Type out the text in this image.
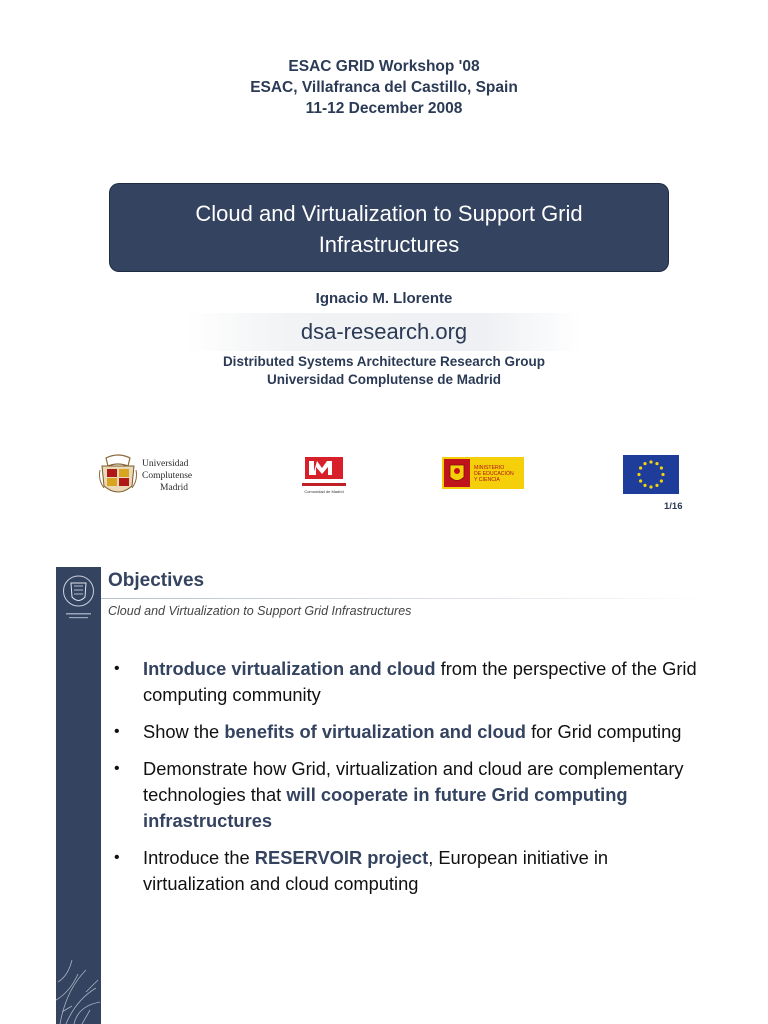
ESAC GRID Workshop '08
ESAC, Villafranca del Castillo, Spain
11-12 December 2008
Cloud and Virtualization to Support Grid
Infrastructures
Ignacio M. Llorente
dsa-research.org
Distributed Systems Architecture Research Group
Universidad Complutense de Madrid
Universidad
Complutense
Madrid	Comunidad de Madrid
MINISTERIO
DE EDUCACIÓN
Y CIENCIA
1/16
dsa-research.org
Objectives
Cloud and Virtualization to Support Grid Infrastructures
• Introduce virtualization and cloud from the perspective of the Grid computing community
• Show the benefits of virtualization and cloud for Grid computing
• Demonstrate how Grid, virtualization and cloud are complementary technologies that will cooperate in future Grid computing infrastructures
• Introduce the RESERVOIR project, European initiative in virtualization and cloud computing
